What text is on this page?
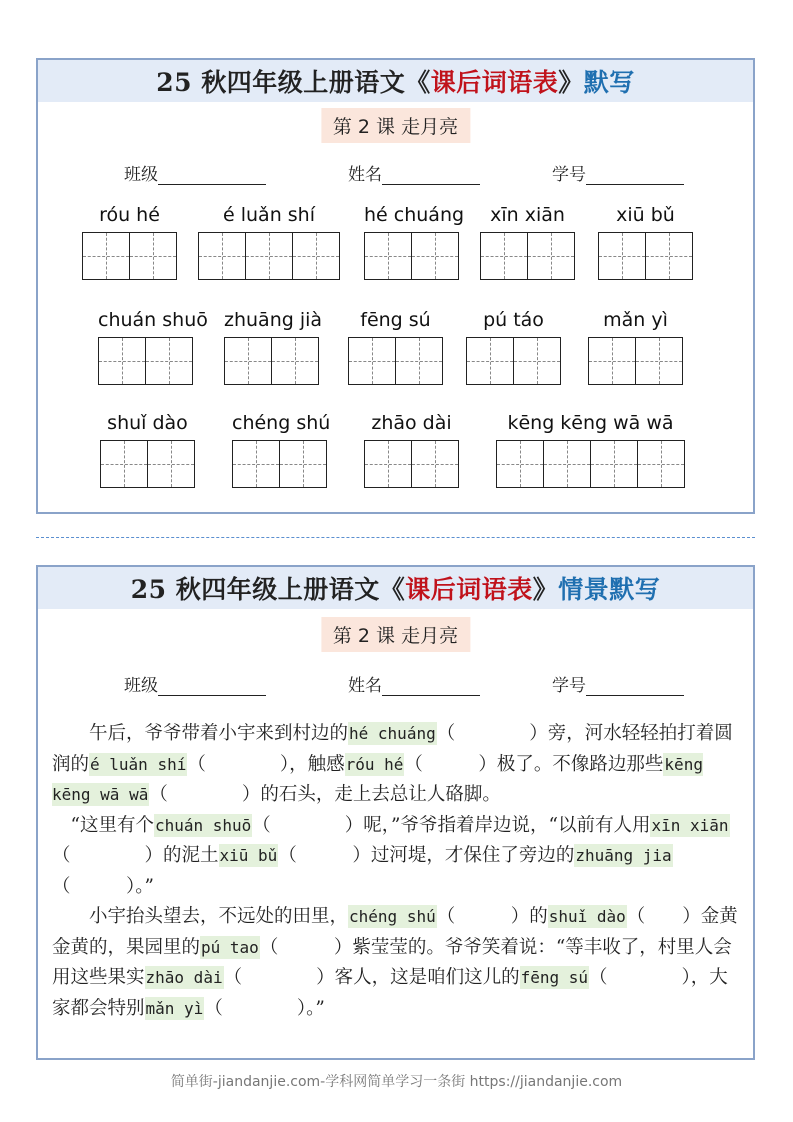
25 秋四年级上册语文《 课后词语表 》 默写
第 2 课 走月亮
班级	姓名	学号
róu hé	é luǎn shí	hé chuáng	xīn xiān	xiū bǔ
chuán shuō zhuāng jià	fēng sú	pú táo	mǎn yì
shuǐ dào	chéng shú	zhāo dài	kēng kēng wā wā
25 秋四年级上册语文《 课后词语表 》 情景默写
第 2 课 走月亮
班级	姓名	学号

　　午后，爷爷带着小宇来到村边的hé chuáng（　　　　）旁，河水轻轻拍打着圆润的é luǎn shí（　　　　），触感róu hé（　　　）极了。不像路边那些kēng kēng wā wā（　　　　）的石头，走上去总让人硌脚。

　“这里有个chuán shuō（　　　　）呢，”爷爷指着岸边说，“以前有人用xīn xiān（　　　　）的泥土xiū bǔ（　　　）过河堤，才保住了旁边的zhuāng jia（　　　）。”

　　小宇抬头望去，不远处的田里，chéng shú（　　　）的shuǐ dào（　　）金黄金黄的，果园里的pú tao（　　　）紫莹莹的。爷爷笑着说：“等丰收了，村里人会用这些果实zhāo dài（　　　　）客人，这是咱们这儿的fēng sú（　　　　），大家都会特别mǎn yì（　　　　）。”

简单街-jiandanjie.com-学科网简单学习一条街 https://jiandanjie.com
